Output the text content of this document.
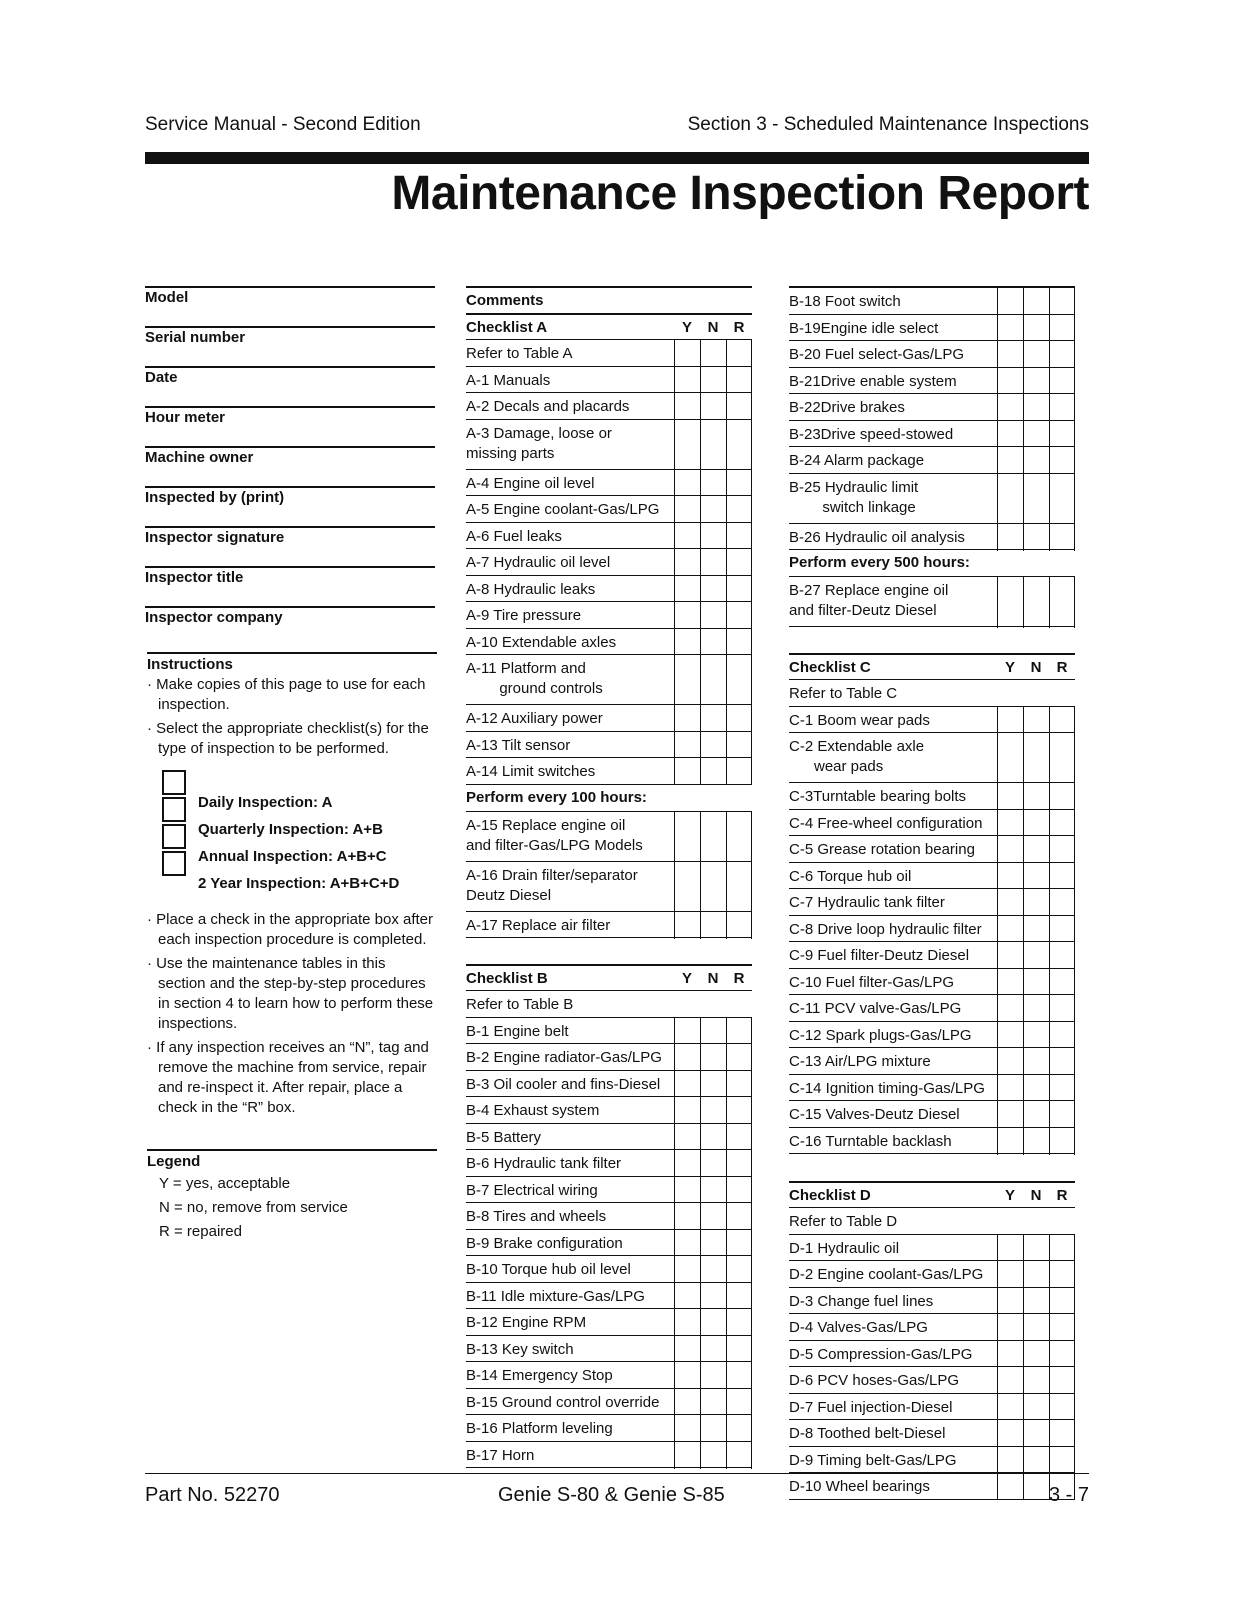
Service Manual - Second Edition	Section 3 - Scheduled Maintenance Inspections
Maintenance Inspection Report
Model
Serial number
Date
Hour meter
Machine owner
Inspected by (print)
Inspector signature
Inspector title
Inspector company
Instructions
· Make copies of this page to use for each inspection.
· Select the appropriate checklist(s) for the type of inspection to be performed.
Daily Inspection: A
Quarterly Inspection: A+B
Annual Inspection: A+B+C
2 Year Inspection: A+B+C+D
· Place a check in the appropriate box after each inspection procedure is completed.
· Use the maintenance tables in this section and the step-by-step procedures in section 4 to learn how to perform these inspections.
· If any inspection receives an “N”, tag and remove the machine from service, repair and re-inspect it. After repair, place a check in the “R” box.
Legend
Y = yes, acceptable
N = no, remove from service
R = repaired
Comments
Checklist A	Y	N	R
Refer to Table A
A-1 Manuals
A-2 Decals and placards
A-3 Damage, loose or
missing parts
A-4 Engine oil level
A-5 Engine coolant-Gas/LPG
A-6 Fuel leaks
A-7 Hydraulic oil level
A-8 Hydraulic leaks
A-9 Tire pressure
A-10 Extendable axles
A-11 Platform and
ground controls
A-12 Auxiliary power
A-13 Tilt sensor
A-14 Limit switches
Perform every 100 hours:
A-15 Replace engine oil
and filter-Gas/LPG Models
A-16 Drain filter/separator
Deutz Diesel
A-17 Replace air filter
Checklist B	Y	N	R
Refer to Table B
B-1 Engine belt
B-2 Engine radiator-Gas/LPG
B-3 Oil cooler and fins-Diesel
B-4 Exhaust system
B-5 Battery
B-6 Hydraulic tank filter
B-7 Electrical wiring
B-8 Tires and wheels
B-9 Brake configuration
B-10 Torque hub oil level
B-11 Idle mixture-Gas/LPG
B-12 Engine RPM
B-13 Key switch
B-14 Emergency Stop
B-15 Ground control override
B-16 Platform leveling
B-17 Horn
B-18 Foot switch
B-19Engine idle select
B-20 Fuel select-Gas/LPG
B-21Drive enable system
B-22Drive brakes
B-23Drive speed-stowed
B-24 Alarm package
B-25 Hydraulic limit
switch linkage
B-26 Hydraulic oil analysis
Perform every 500 hours:
B-27 Replace engine oil
and filter-Deutz Diesel
Checklist C	Y	N	R
Refer to Table C
C-1 Boom wear pads
C-2 Extendable axle
wear pads
C-3Turntable bearing bolts
C-4 Free-wheel configuration
C-5 Grease rotation bearing
C-6 Torque hub oil
C-7 Hydraulic tank filter
C-8 Drive loop hydraulic filter
C-9 Fuel filter-Deutz Diesel
C-10 Fuel filter-Gas/LPG
C-11 PCV valve-Gas/LPG
C-12 Spark plugs-Gas/LPG
C-13 Air/LPG mixture
C-14 Ignition timing-Gas/LPG
C-15 Valves-Deutz Diesel
C-16 Turntable backlash
Checklist D	Y	N	R
Refer to Table D
D-1 Hydraulic oil
D-2 Engine coolant-Gas/LPG
D-3 Change fuel lines
D-4 Valves-Gas/LPG
D-5 Compression-Gas/LPG
D-6 PCV hoses-Gas/LPG
D-7 Fuel injection-Diesel
D-8 Toothed belt-Diesel
D-9 Timing belt-Gas/LPG
D-10 Wheel bearings
Part No. 52270	Genie S-80 & Genie S-85	3 - 7
